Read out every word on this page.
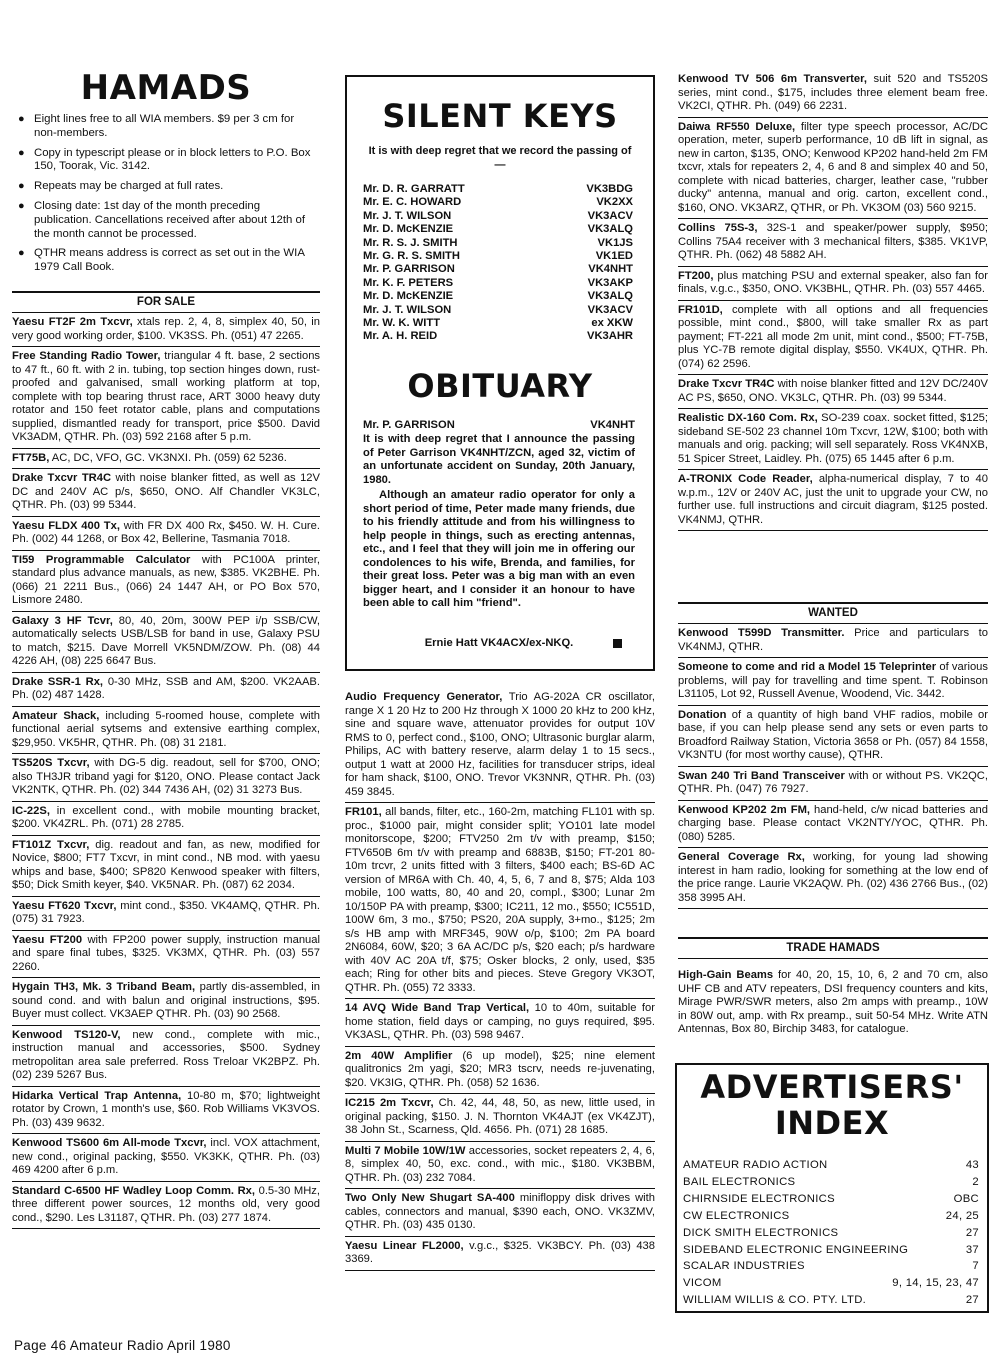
HAMADS
● Eight lines free to all WIA members. $9 per 3 cm for non-members.
● Copy in typescript please or in block letters to P.O. Box 150, Toorak, Vic. 3142.
● Repeats may be charged at full rates.
● Closing date: 1st day of the month preceding publication. Cancellations received after about 12th of the month cannot be processed.
● QTHR means address is correct as set out in the WIA 1979 Call Book.
FOR SALE

Yaesu FT2F 2m Txcvr, xtals rep. 2, 4, 8, simplex 40, 50, in very good working order, $100. VK3SS. Ph. (051) 47 2265.

Free Standing Radio Tower, triangular 4 ft. base, 2 sections to 47 ft., 60 ft. with 2 in. tubing, top section hinges down, rust-proofed and galvanised, small working platform at top, complete with top bearing thrust race, ART 3000 heavy duty rotator and 150 feet rotator cable, plans and computations supplied, dismantled ready for transport, price $500. David VK3ADM, QTHR. Ph. (03) 592 2168 after 5 p.m.

FT75B, AC, DC, VFO, GC. VK3NXI. Ph. (059) 62 5236.

Drake Txcvr TR4C with noise blanker fitted, as well as 12V DC and 240V AC p/s, $650, ONO. Alf Chandler VK3LC, QTHR. Ph. (03) 99 5344.

Yaesu FLDX 400 Tx, with FR DX 400 Rx, $450. W. H. Cure. Ph. (002) 44 1268, or Box 42, Bellerine, Tasmania 7018.

TI59 Programmable Calculator with PC100A printer, standard plus advance manuals, as new, $385. VK2BHE. Ph. (066) 21 2211 Bus., (066) 24 1447 AH, or PO Box 570, Lismore 2480.

Galaxy 3 HF Tcvr, 80, 40, 20m, 300W PEP i/p SSB/CW, automatically selects USB/LSB for band in use, Galaxy PSU to match, $215. Dave Morrell VK5NDM/ZOW. Ph. (08) 44 4226 AH, (08) 225 6647 Bus.

Drake SSR-1 Rx, 0-30 MHz, SSB and AM, $200. VK2AAB. Ph. (02) 487 1428.

Amateur Shack, including 5-roomed house, complete with functional aerial sytsems and extensive earthing complex, $29,950. VK5HR, QTHR. Ph. (08) 31 2181.

TS520S Txcvr, with DG-5 dig. readout, sell for $700, ONO; also TH3JR triband yagi for $120, ONO. Please contact Jack VK2NTK, QTHR. Ph. (02) 344 7436 AH, (02) 31 3273 Bus.

IC-22S, in excellent cond., with mobile mounting bracket, $200. VK4ZRL. Ph. (071) 28 2785.

FT101Z Txcvr, dig. readout and fan, as new, modified for Novice, $800; FT7 Txcvr, in mint cond., NB mod. with yaesu whips and base, $400; SP820 Kenwood speaker with filters, $50; Dick Smith keyer, $40. VK5NAR. Ph. (087) 62 2034.

Yaesu FT620 Txcvr, mint cond., $350. VK4AMQ, QTHR. Ph. (075) 31 7923.

Yaesu FT200 with FP200 power supply, instruction manual and spare final tubes, $325. VK3MX, QTHR. Ph. (03) 557 2260.

Hygain TH3, Mk. 3 Triband Beam, partly dis-assembled, in sound cond. and with balun and original instructions, $95. Buyer must collect. VK3AEP QTHR. Ph. (03) 90 2568.

Kenwood TS120-V, new cond., complete with mic., instruction manual and accessories, $500. Sydney metropolitan area sale preferred. Ross Treloar VK2BPZ. Ph. (02) 239 5267 Bus.

Hidarka Vertical Trap Antenna, 10-80 m, $70; lightweight rotator by Crown, 1 month's use, $60. Rob Williams VK3VOS. Ph. (03) 439 9632.

Kenwood TS600 6m All-mode Txcvr, incl. VOX attachment, new cond., original packing, $550. VK3KK, QTHR. Ph. (03) 469 4200 after 6 p.m.

Standard C-6500 HF Wadley Loop Comm. Rx, 0.5-30 MHz, three different power sources, 12 months old, very good cond., $290. Les L31187, QTHR. Ph. (03) 277 1874.

SILENT KEYS
It is with deep regret that we record the passing of —
Mr. D. R. GARRATT	VK3BDG
Mr. E. C. HOWARD	VK2XX
Mr. J. T. WILSON	VK3ACV
Mr. D. McKENZIE	VK3ALQ
Mr. R. S. J. SMITH	VK1JS
Mr. G. R. S. SMITH	VK1ED
Mr. P. GARRISON	VK4NHT
Mr. K. F. PETERS	VK3AKP
Mr. D. McKENZIE	VK3ALQ
Mr. J. T. WILSON	VK3ACV
Mr. W. K. WITT	ex XKW
Mr. A. H. REID	VK3AHR
OBITUARY
Mr. P. GARRISON	VK4NHT

It is with deep regret that I announce the passing of Peter Garrison VK4NHT/ZCN, aged 32, victim of an unfortunate accident on Sunday, 20th January, 1980.

Although an amateur radio operator for only a short period of time, Peter made many friends, due to his friendly attitude and from his willingness to help people in things, such as erecting antennas, etc., and I feel that they will join me in offering our condolences to his wife, Brenda, and families, for their great loss. Peter was a big man with an even bigger heart, and I consider it an honour to have been able to call him "friend".

Ernie Hatt VK4ACX/ex-NKQ.

Audio Frequency Generator, Trio AG-202A CR oscillator, range X 1 20 Hz to 200 Hz through X 1000 20 kHz to 200 kHz, sine and square wave, attenuator provides for output 10V RMS to 0, perfect cond., $100, ONO; Ultrasonic burglar alarm, Philips, AC with battery reserve, alarm delay 1 to 15 secs., output 1 watt at 2000 Hz, facilities for transducer strips, ideal for ham shack, $100, ONO. Trevor VK3NNR, QTHR. Ph. (03) 459 3845.

FR101, all bands, filter, etc., 160-2m, matching FL101 with sp. proc., $1000 pair, might consider split; YO101 late model monitorscope, $200; FTV250 2m t/v with preamp, $150; FTV650B 6m t/v with preamp and 6883B, $150; FT-201 80-10m trcvr, 2 units fitted with 3 filters, $400 each; BS-6D AC version of MR6A with Ch. 40, 4, 5, 6, 7 and 8, $75; Alda 103 mobile, 100 watts, 80, 40 and 20, compl., $300; Lunar 2m 10/150P PA with preamp, $300; IC211, 12 mo., $550; IC551D, 100W 6m, 3 mo., $750; PS20, 20A supply, 3+mo., $125; 2m s/s HB amp with MRF345, 90W o/p, $100; 2m PA board 2N6084, 60W, $20; 3 6A AC/DC p/s, $20 each; p/s hardware with 40V AC 20A t/f, $75; Osker blocks, 2 only, used, $35 each; Ring for other bits and pieces. Steve Gregory VK3OT, QTHR. Ph. (055) 72 3333.

14 AVQ Wide Band Trap Vertical, 10 to 40m, suitable for home station, field days or camping, no guys required, $95. VK3ASL, QTHR. Ph. (03) 598 9467.

2m 40W Amplifier (6 up model), $25; nine element qualitronics 2m yagi, $20; MR3 tscrv, needs re-juvenating, $20. VK3IG, QTHR. Ph. (058) 52 1636.

IC215 2m Txcvr, Ch. 42, 44, 48, 50, as new, little used, in original packing, $150. J. N. Thornton VK4AJT (ex VK4ZJT), 38 John St., Scarness, Qld. 4656. Ph. (071) 28 1685.

Multi 7 Mobile 10W/1W accessories, socket repeaters 2, 4, 6, 8, simplex 40, 50, exc. cond., with mic., $180. VK3BBM, QTHR. Ph. (03) 232 7084.

Two Only New Shugart SA-400 minifloppy disk drives with cables, connectors and manual, $390 each, ONO. VK3ZMV, QTHR. Ph. (03) 435 0130.

Yaesu Linear FL2000, v.g.c., $325. VK3BCY. Ph. (03) 438 3369.

Kenwood TV 506 6m Transverter, suit 520 and TS520S series, mint cond., $175, includes three element beam free. VK2CI, QTHR. Ph. (049) 66 2231.

Daiwa RF550 Deluxe, filter type speech processor, AC/DC operation, meter, superb performance, 10 dB lift in signal, as new in carton, $135, ONO; Kenwood KP202 hand-held 2m FM txcvr, xtals for repeaters 2, 4, 6 and 8 and simplex 40 and 50, complete with nicad batteries, charger, leather case, "rubber ducky" antenna, manual and orig. carton, excellent cond., $160, ONO. VK3ARZ, QTHR, or Ph. VK3OM (03) 560 9215.

Collins 75S-3, 32S-1 and speaker/power supply, $950; Collins 75A4 receiver with 3 mechanical filters, $385. VK1VP, QTHR. Ph. (062) 48 5882 AH.

FT200, plus matching PSU and external speaker, also fan for finals, v.g.c., $350, ONO. VK3BHL, QTHR. Ph. (03) 557 4465.

FR101D, complete with all options and all frequencies possible, mint cond., $800, will take smaller Rx as part payment; FT-221 all mode 2m unit, mint cond., $500; FT-75B, plus YC-7B remote digital display, $550. VK4UX, QTHR. Ph. (074) 62 2596.

Drake Txcvr TR4C with noise blanker fitted and 12V DC/240V AC PS, $650, ONO. VK3LC, QTHR. Ph. (03) 99 5344.

Realistic DX-160 Com. Rx, SO-239 coax. socket fitted, $125; sideband SE-502 23 channel 10m Txcvr, 12W, $100; both with manuals and orig. packing; will sell separately. Ross VK4NXB, 51 Spicer Street, Laidley. Ph. (075) 65 1445 after 6 p.m.

A-TRONIX Code Reader, alpha-numerical display, 7 to 40 w.p.m., 12V or 240V AC, just the unit to upgrade your CW, no further use. full instructions and circuit diagram, $125 posted. VK4NMJ, QTHR.

WANTED

Kenwood T599D Transmitter. Price and particulars to VK4NMJ, QTHR.

Someone to come and rid a Model 15 Teleprinter of various problems, will pay for travelling and time spent. T. Robinson L31105, Lot 92, Russell Avenue, Woodend, Vic. 3442.

Donation of a quantity of high band VHF radios, mobile or base, if you can help please send any sets or even parts to Broadford Railway Station, Victoria 3658 or Ph. (057) 84 1558, VK3NTU (for most worthy cause), QTHR.

Swan 240 Tri Band Transceiver with or without PS. VK2QC, QTHR. Ph. (047) 76 7927.

Kenwood KP202 2m FM, hand-held, c/w nicad batteries and charging base. Please contact VK2NTY/YOC, QTHR. Ph. (080) 5285.

General Coverage Rx, working, for young lad showing interest in ham radio, looking for something at the low end of the price range. Laurie VK2AQW. Ph. (02) 436 2766 Bus., (02) 358 3995 AH.

TRADE HAMADS

High-Gain Beams for 40, 20, 15, 10, 6, 2 and 70 cm, also UHF CB and ATV repeaters, DSI frequency counters and kits, Mirage PWR/SWR meters, also 2m amps with preamp., 10W in 80W out, amp. with Rx preamp., suit 50-54 MHz. Write ATN Antennas, Box 80, Birchip 3483, for catalogue.

ADVERTISERS'
INDEX
AMATEUR RADIO ACTION	43
BAIL ELECTRONICS	2
CHIRNSIDE ELECTRONICS	OBC
CW ELECTRONICS	24, 25
DICK SMITH ELECTRONICS	27
SIDEBAND ELECTRONIC ENGINEERING	37
SCALAR INDUSTRIES	7
VICOM	9, 14, 15, 23, 47
WILLIAM WILLIS & CO. PTY. LTD.	27
Page 46 Amateur Radio April 1980
